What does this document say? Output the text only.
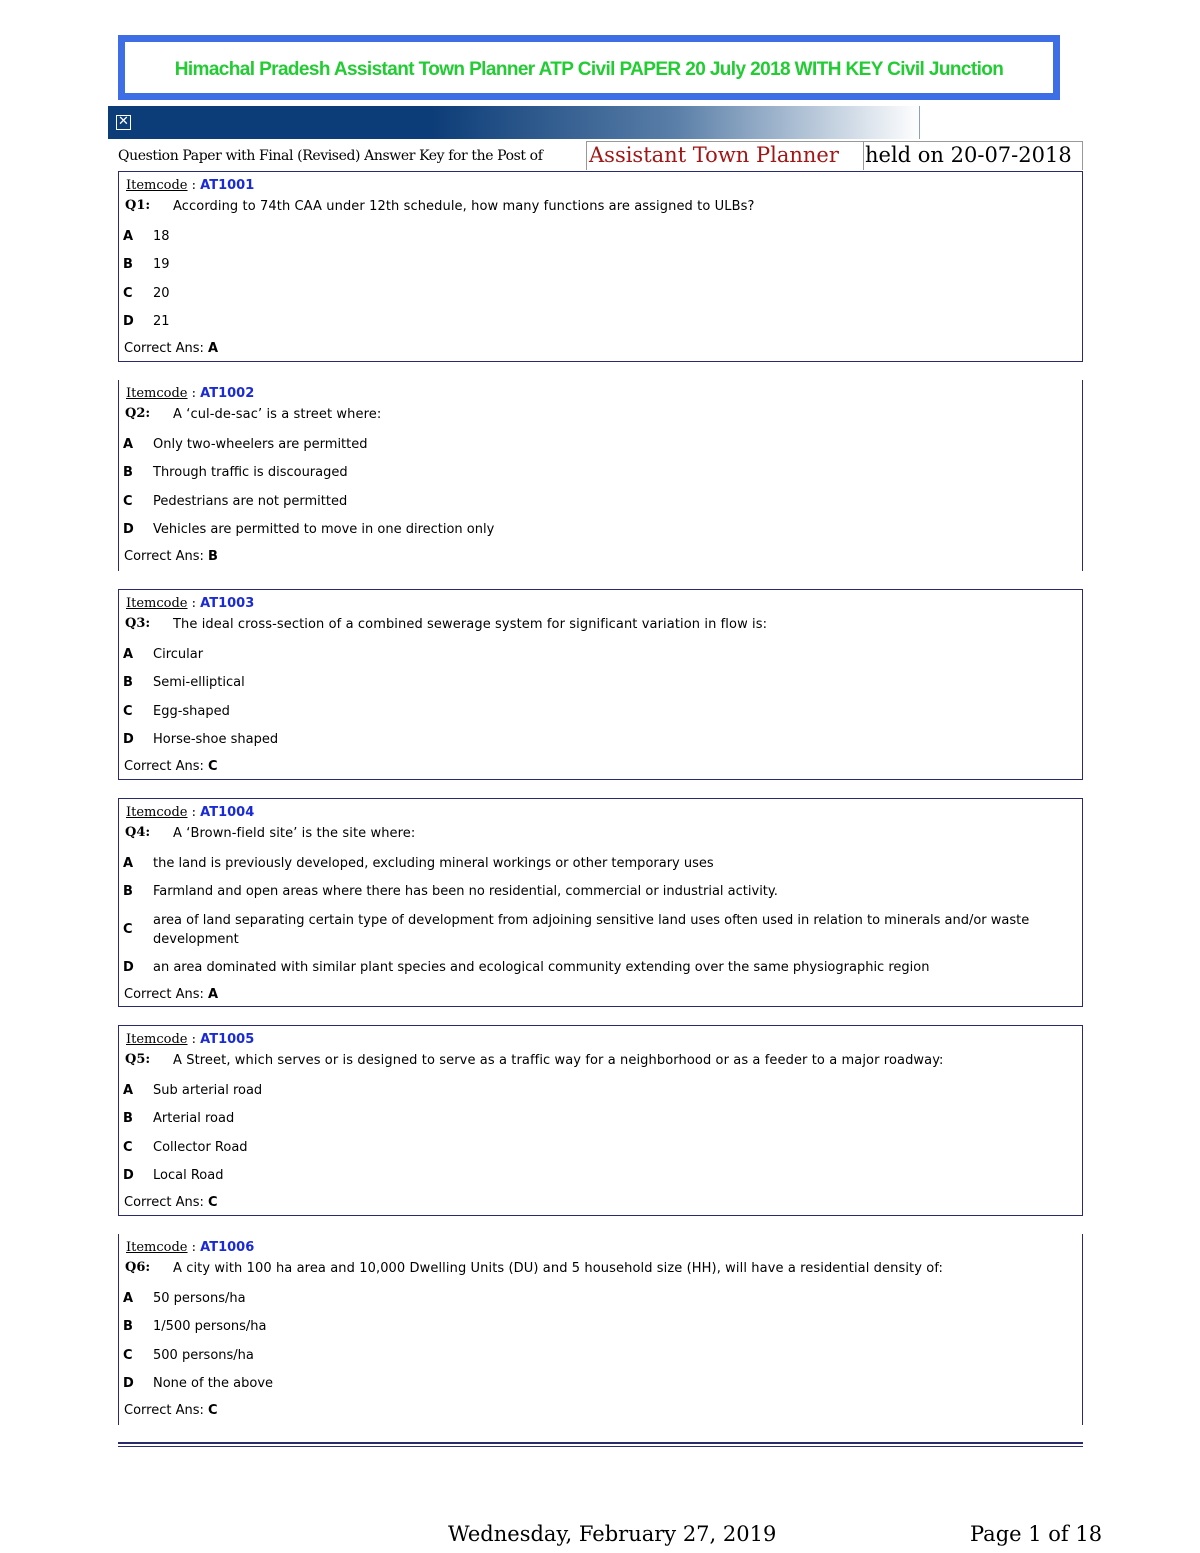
Himachal Pradesh Assistant Town Planner ATP Civil PAPER 20 July 2018 WITH KEY Civil Junction
✕
Question Paper with Final (Revised) Answer Key for the Post of	Assistant Town Planner	held on 20-07-2018
Itemcode : AT1001
Q1: According to 74th CAA under 12th schedule, how many functions are assigned to ULBs?
A 18
B 19
C 20
D 21
Correct Ans: A
Itemcode : AT1002
Q2: A ‘cul-de-sac’ is a street where:
A Only two-wheelers are permitted
B Through traffic is discouraged
C Pedestrians are not permitted
D Vehicles are permitted to move in one direction only
Correct Ans: B
Itemcode : AT1003
Q3: The ideal cross-section of a combined sewerage system for significant variation in flow is:
A Circular
B Semi-elliptical
C Egg-shaped
D Horse-shoe shaped
Correct Ans: C
Itemcode : AT1004
Q4: A ‘Brown-field site’ is the site where:
A the land is previously developed, excluding mineral workings or other temporary uses
B Farmland and open areas where there has been no residential, commercial or industrial activity.
C
area of land separating certain type of development from adjoining sensitive land uses often used in relation to minerals and/or waste development
D an area dominated with similar plant species and ecological community extending over the same physiographic region
Correct Ans: A
Itemcode : AT1005
Q5: A Street, which serves or is designed to serve as a traffic way for a neighborhood or as a feeder to a major roadway:
A Sub arterial road
B Arterial road
C Collector Road
D Local Road
Correct Ans: C
Itemcode : AT1006
Q6: A city with 100 ha area and 10,000 Dwelling Units (DU) and 5 household size (HH), will have a residential density of:
A 50 persons/ha
B 1/500 persons/ha
C 500 persons/ha
D None of the above
Correct Ans: C
Wednesday, February 27, 2019	Page 1 of 18
